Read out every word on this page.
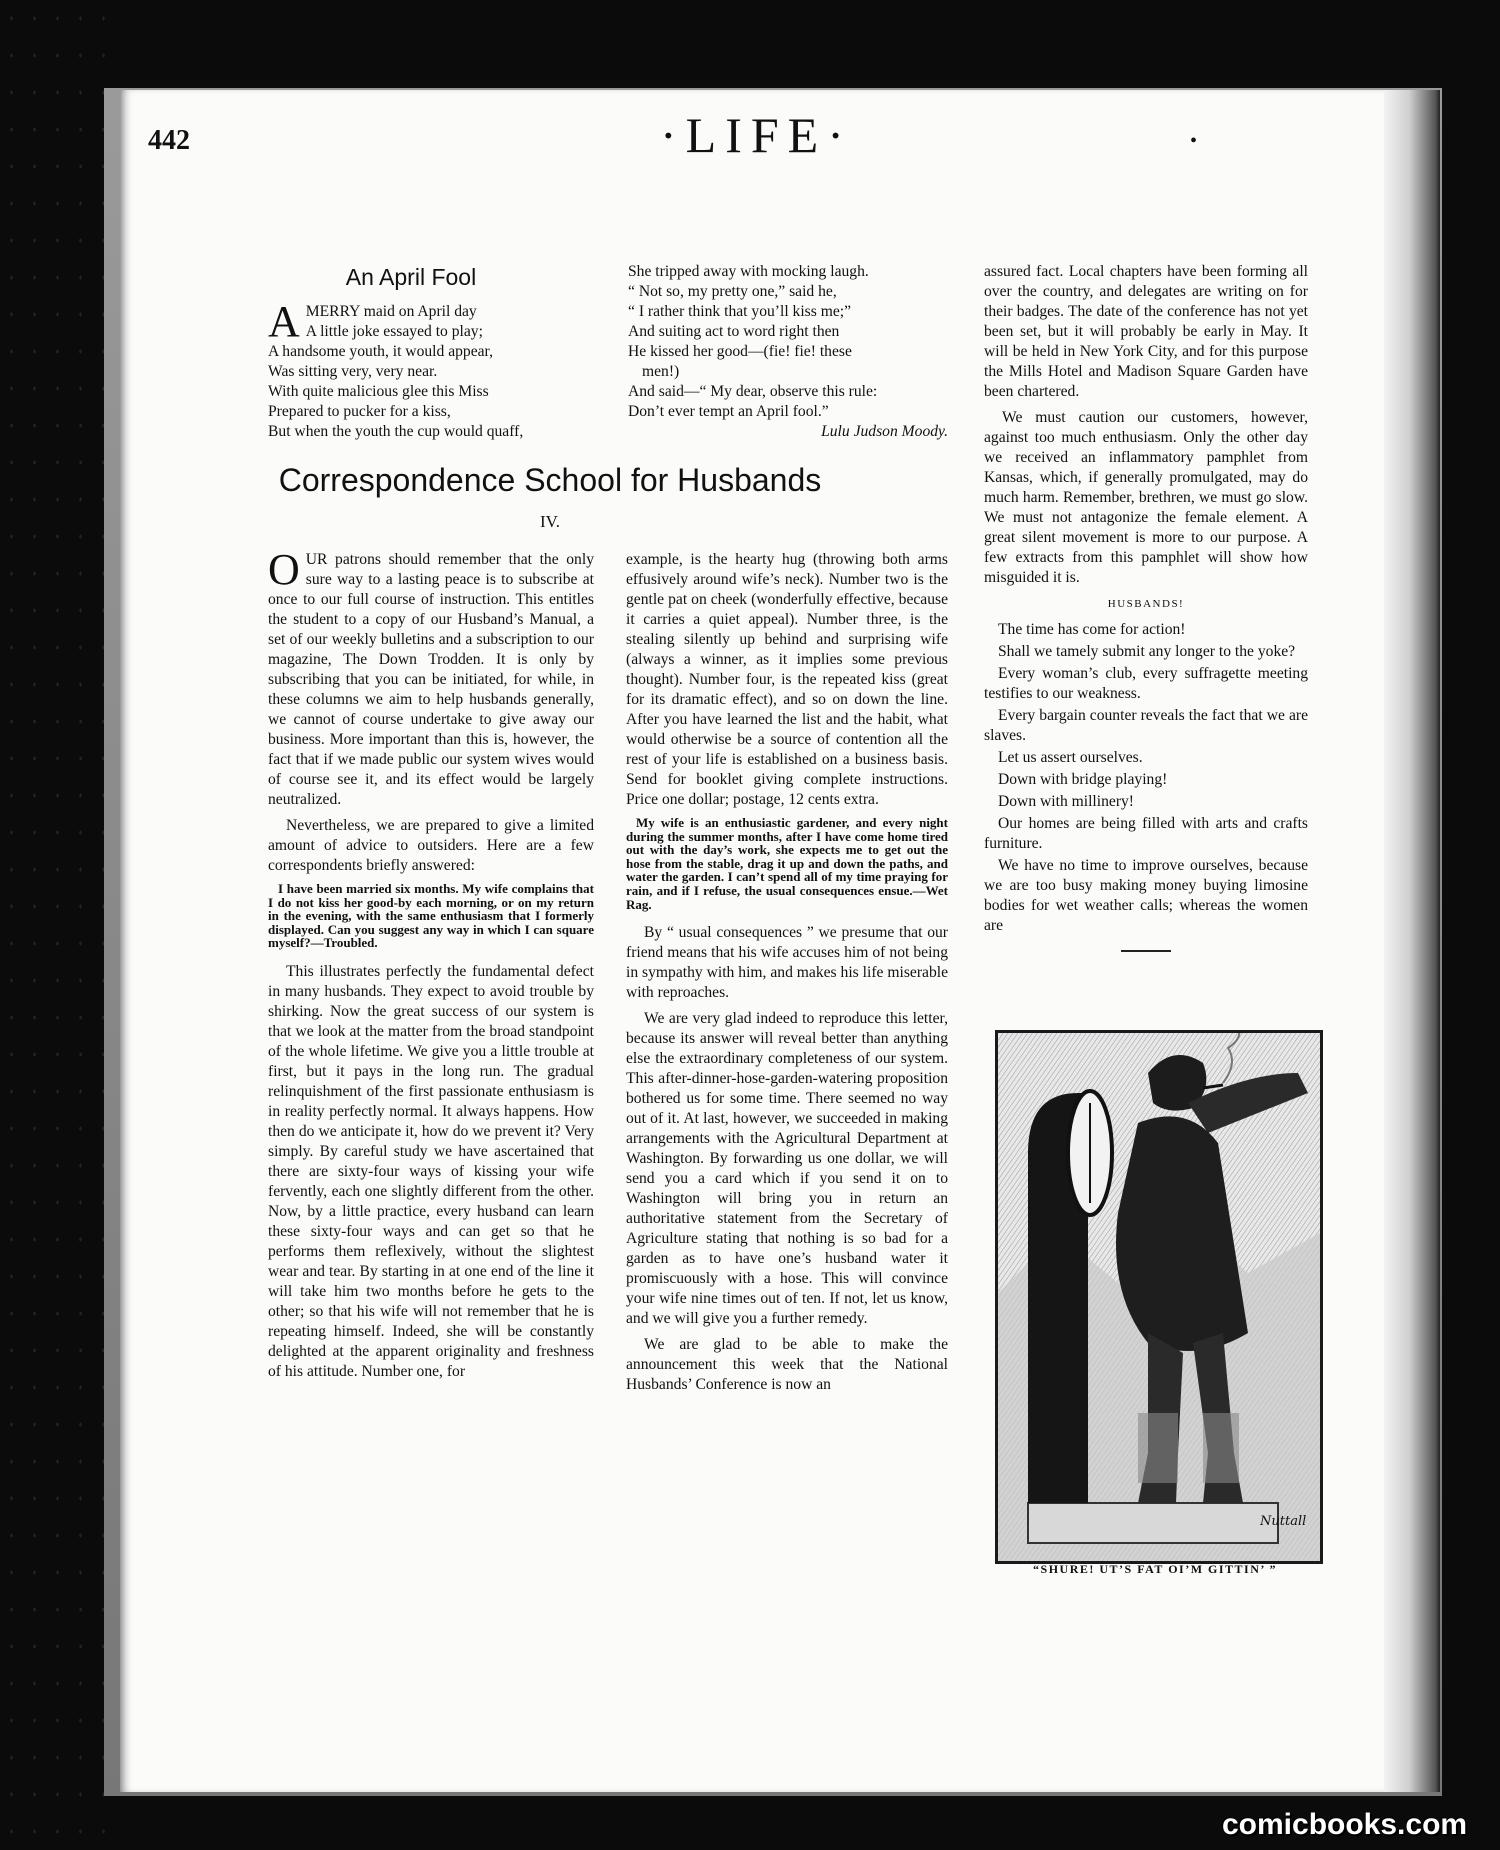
442	·LIFE·	•
An April Fool
AMERRY maid on April day
A little joke essayed to play;
A handsome youth, it would appear,
Was sitting very, very near.
With quite malicious glee this Miss
Prepared to pucker for a kiss,
But when the youth the cup would quaff,
She tripped away with mocking laugh.
“ Not so, my pretty one,” said he,
“ I rather think that you’ll kiss me;”
And suiting act to word right then
He kissed her good—(fie! fie! these
men!)
And said—“ My dear, observe this rule:
Don’t ever tempt an April fool.”
Lulu Judson Moody.
Correspondence School for Husbands
IV.

OUR patrons should remember that the only sure way to a lasting peace is to subscribe at once to our full course of instruction. This entitles the student to a copy of our Husband’s Manual, a set of our weekly bulletins and a subscription to our magazine, The Down Trodden. It is only by subscribing that you can be initiated, for while, in these columns we aim to help husbands generally, we cannot of course undertake to give away our business. More important than this is, however, the fact that if we made public our system wives would of course see it, and its effect would be largely neutralized.

Nevertheless, we are prepared to give a limited amount of advice to outsiders. Here are a few correspondents briefly answered:

I have been married six months. My wife complains that I do not kiss her good-by each morning, or on my return in the evening, with the same enthusiasm that I formerly displayed. Can you suggest any way in which I can square myself?—Troubled.

This illustrates perfectly the fundamental defect in many husbands. They expect to avoid trouble by shirking. Now the great success of our system is that we look at the matter from the broad standpoint of the whole lifetime. We give you a little trouble at first, but it pays in the long run. The gradual relinquishment of the first passionate enthusiasm is in reality perfectly normal. It always happens. How then do we anticipate it, how do we prevent it? Very simply. By careful study we have ascertained that there are sixty-four ways of kissing your wife fervently, each one slightly different from the other. Now, by a little practice, every husband can learn these sixty-four ways and can get so that he performs them reflexively, without the slightest wear and tear. By starting in at one end of the line it will take him two months before he gets to the other; so that his wife will not remember that he is repeating himself. Indeed, she will be constantly delighted at the apparent originality and freshness of his attitude. Number one, for

example, is the hearty hug (throwing both arms effusively around wife’s neck). Number two is the gentle pat on cheek (wonderfully effective, because it carries a quiet appeal). Number three, is the stealing silently up behind and surprising wife (always a winner, as it implies some previous thought). Number four, is the repeated kiss (great for its dramatic effect), and so on down the line. After you have learned the list and the habit, what would otherwise be a source of contention all the rest of your life is established on a business basis. Send for booklet giving complete instructions. Price one dollar; postage, 12 cents extra.

My wife is an enthusiastic gardener, and every night during the summer months, after I have come home tired out with the day’s work, she expects me to get out the hose from the stable, drag it up and down the paths, and water the garden. I can’t spend all of my time praying for rain, and if I refuse, the usual consequences ensue.—Wet Rag.

By “ usual consequences ” we presume that our friend means that his wife accuses him of not being in sympathy with him, and makes his life miserable with reproaches.

We are very glad indeed to reproduce this letter, because its answer will reveal better than anything else the extraordinary completeness of our system. This after-dinner-hose-garden-watering proposition bothered us for some time. There seemed no way out of it. At last, however, we succeeded in making arrangements with the Agricultural Department at Washington. By forwarding us one dollar, we will send you a card which if you send it on to Washington will bring you in return an authoritative statement from the Secretary of Agriculture stating that nothing is so bad for a garden as to have one’s husband water it promiscuously with a hose. This will convince your wife nine times out of ten. If not, let us know, and we will give you a further remedy.

We are glad to be able to make the announcement this week that the National Husbands’ Conference is now an

assured fact. Local chapters have been forming all over the country, and delegates are writing on for their badges. The date of the conference has not yet been set, but it will probably be early in May. It will be held in New York City, and for this purpose the Mills Hotel and Madison Square Garden have been chartered.

We must caution our customers, however, against too much enthusiasm. Only the other day we received an inflammatory pamphlet from Kansas, which, if generally promulgated, may do much harm. Remember, brethren, we must go slow. We must not antagonize the female element. A great silent movement is more to our purpose. A few extracts from this pamphlet will show how misguided it is.

HUSBANDS!

The time has come for action!
Shall we tamely submit any longer to the yoke?
Every woman’s club, every suffragette meeting testifies to our weakness.
Every bargain counter reveals the fact that we are slaves.
Let us assert ourselves.
Down with bridge playing!
Down with millinery!
Our homes are being filled with arts and crafts furniture.
We have no time to improve ourselves, because we are too busy making money buying limosine bodies for wet weather calls; whereas the women are
Nuttall
“SHURE! UT’S FAT OI’M GITTIN’ ”
comicbooks.com
